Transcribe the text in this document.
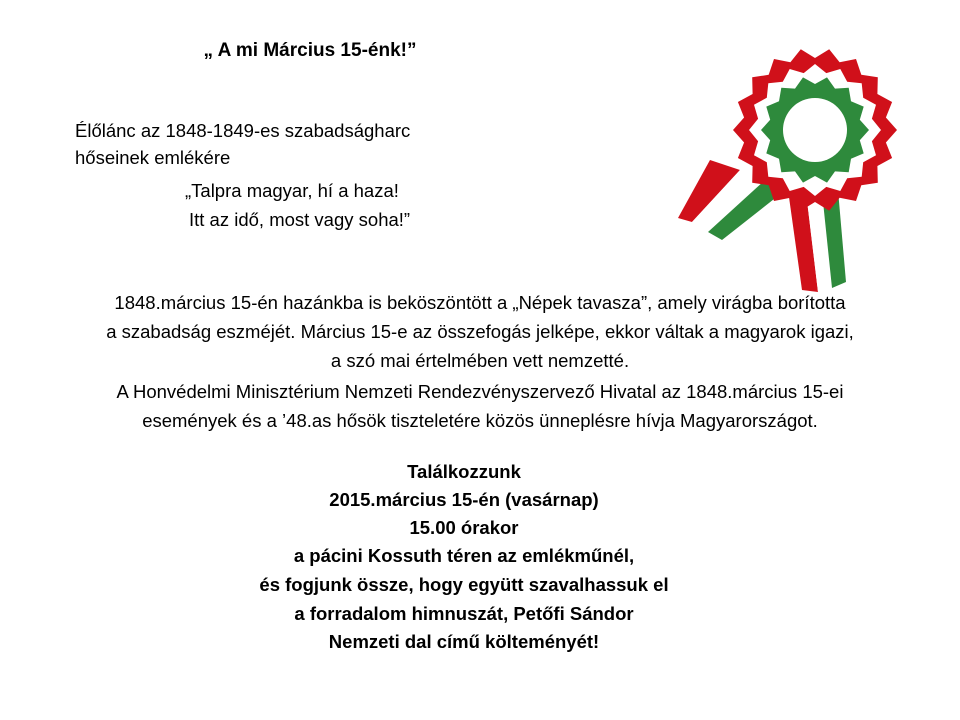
„ A mi Március 15-énk!”
Élőlánc az 1848-1849-es szabadságharc
hőseinek emlékére
„Talpra magyar, hí a haza!
Itt az idő, most vagy soha!”
1848.március 15-én hazánkba is beköszöntött a „Népek tavasza”, amely virágba borította
a szabadság eszméjét. Március 15-e az összefogás jelképe, ekkor váltak a magyarok igazi,
a szó mai értelmében vett nemzetté.
A Honvédelmi Minisztérium Nemzeti Rendezvényszervező Hivatal az 1848.március 15-ei
események és a ’48.as hősök tiszteletére közös ünneplésre hívja Magyarországot.
Találkozzunk
2015.március 15-én (vasárnap)
15.00 órakor
a pácini Kossuth téren az emlékműnél,
és fogjunk össze, hogy együtt szavalhassuk el
a forradalom himnuszát, Petőfi Sándor
Nemzeti dal című költeményét!
